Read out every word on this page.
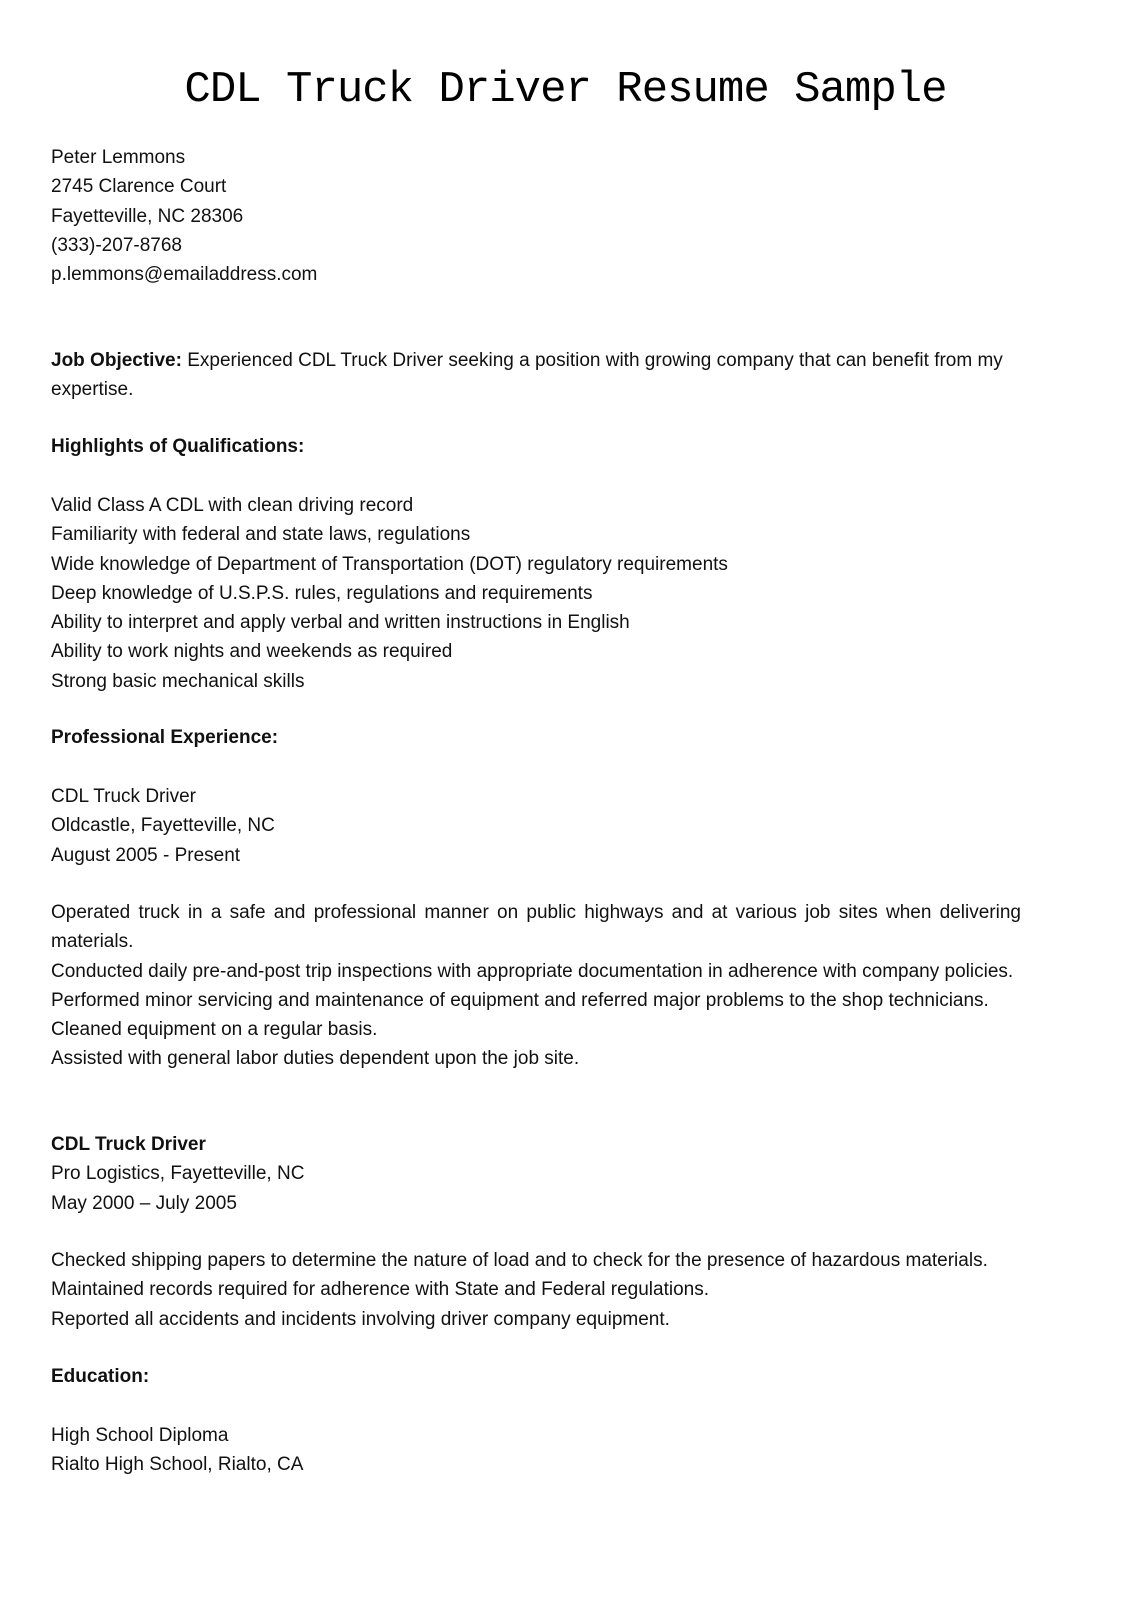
CDL Truck Driver Resume Sample
Peter Lemmons
2745 Clarence Court
Fayetteville, NC 28306
(333)-207-8768
p.lemmons@emailaddress.com
Job Objective: Experienced CDL Truck Driver seeking a position with growing company that can benefit from my expertise.
Highlights of Qualifications:
Valid Class A CDL with clean driving record
Familiarity with federal and state laws, regulations
Wide knowledge of Department of Transportation (DOT) regulatory requirements
Deep knowledge of U.S.P.S. rules, regulations and requirements
Ability to interpret and apply verbal and written instructions in English
Ability to work nights and weekends as required
Strong basic mechanical skills
Professional Experience:
CDL Truck Driver
Oldcastle, Fayetteville, NC
August 2005 - Present
Operated truck in a safe and professional manner on public highways and at various job sites when delivering materials.
Conducted daily pre-and-post trip inspections with appropriate documentation in adherence with company policies.
Performed minor servicing and maintenance of equipment and referred major problems to the shop technicians.
Cleaned equipment on a regular basis.
Assisted with general labor duties dependent upon the job site.
CDL Truck Driver
Pro Logistics, Fayetteville, NC
May 2000 – July 2005
Checked shipping papers to determine the nature of load and to check for the presence of hazardous materials.
Maintained records required for adherence with State and Federal regulations.
Reported all accidents and incidents involving driver company equipment.
Education:
High School Diploma
Rialto High School, Rialto, CA
